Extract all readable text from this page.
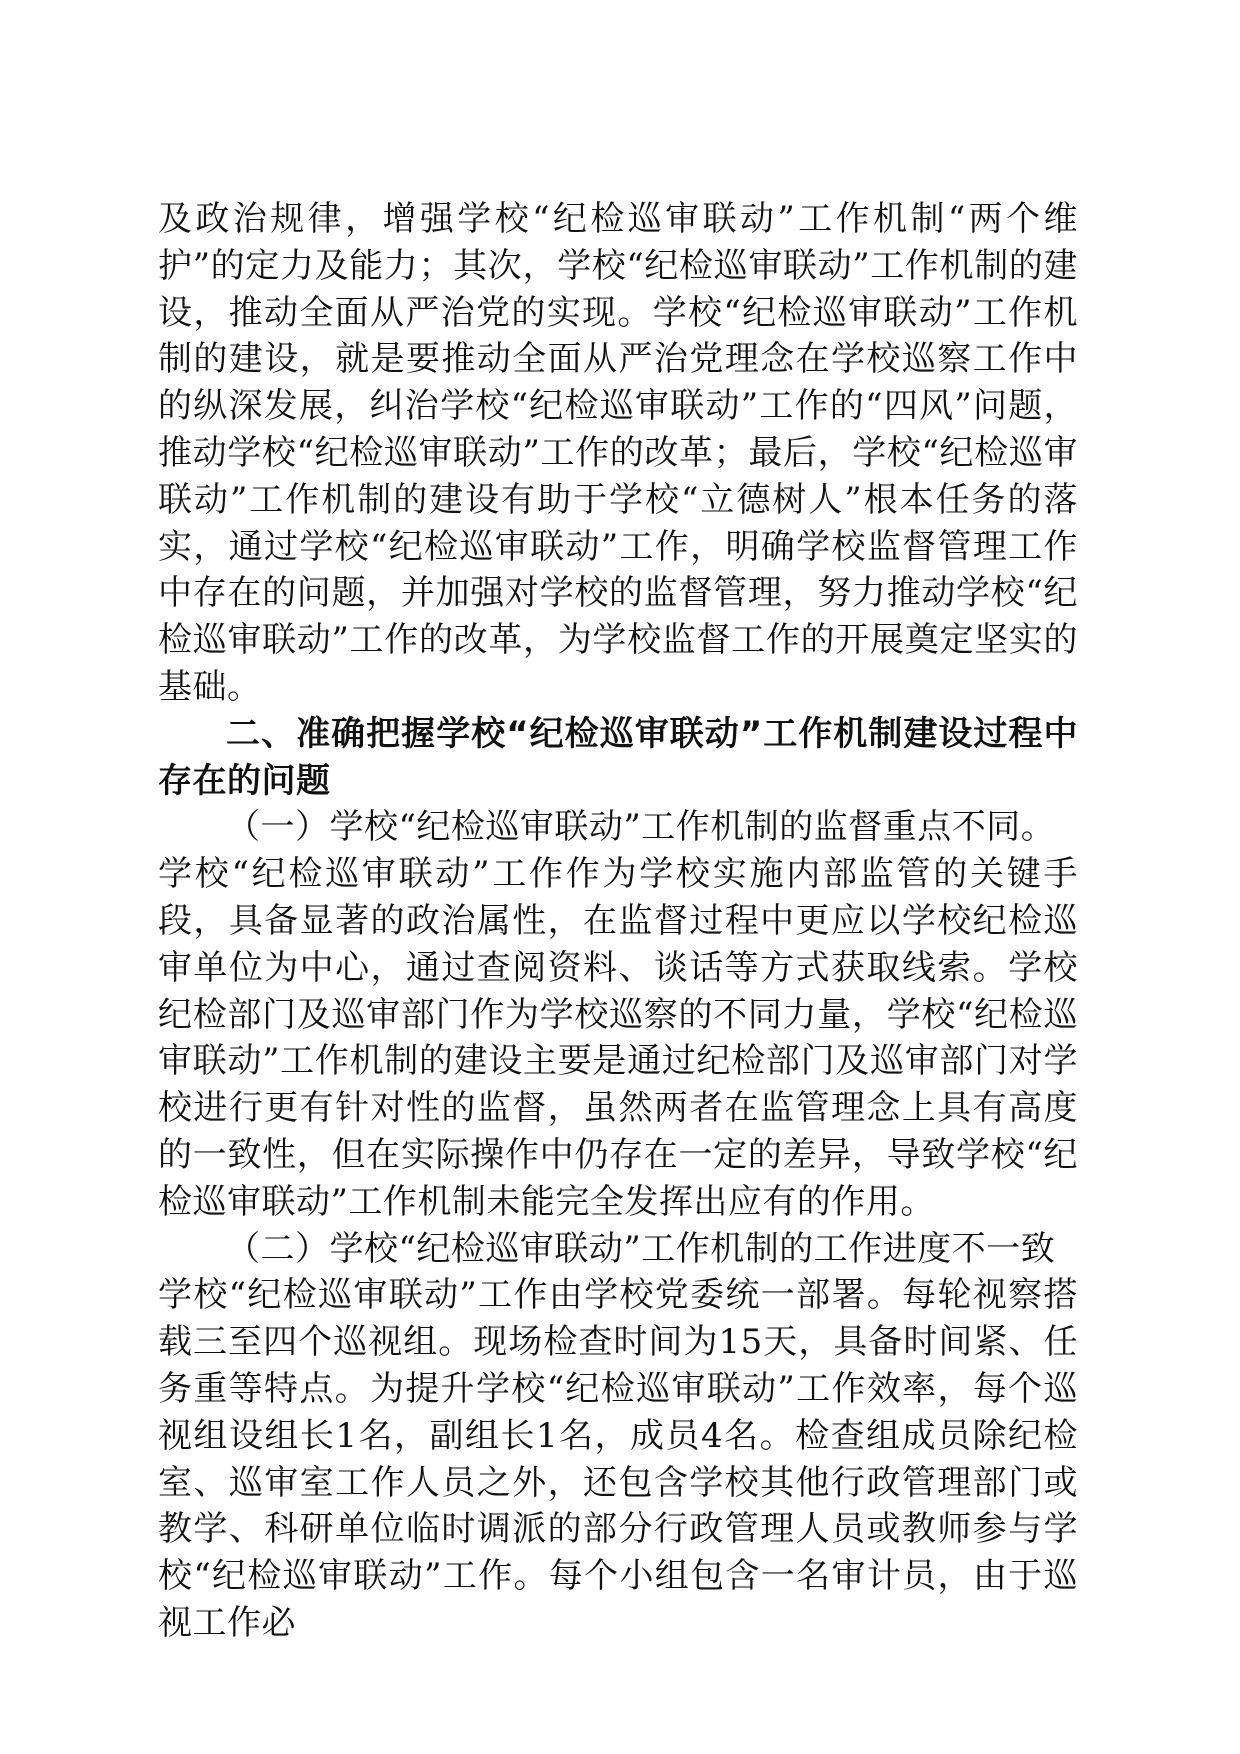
及政治规律，增强学校“纪检巡审联动”工作机制“两个维护”的定力及能力；其次，学校“纪检巡审联动”工作机制的建设，推动全面从严治党的实现。学校“纪检巡审联动”工作机制的建设，就是要推动全面从严治党理念在学校巡察工作中的纵深发展，纠治学校“纪检巡审联动”工作的“四风”问题，推动学校“纪检巡审联动”工作的改革；最后，学校“纪检巡审联动”工作机制的建设有助于学校“立德树人”根本任务的落实，通过学校“纪检巡审联动”工作，明确学校监督管理工作中存在的问题，并加强对学校的监督管理，努力推动学校“纪检巡审联动”工作的改革，为学校监督工作的开展奠定坚实的基础。

二、准确把握学校“纪检巡审联动”工作机制建设过程中存在的问题

（一）学校“纪检巡审联动”工作机制的监督重点不同。

学校“纪检巡审联动”工作作为学校实施内部监管的关键手段，具备显著的政治属性，在监督过程中更应以学校纪检巡审单位为中心，通过查阅资料、谈话等方式获取线索。学校纪检部门及巡审部门作为学校巡察的不同力量，学校“纪检巡审联动”工作机制的建设主要是通过纪检部门及巡审部门对学校进行更有针对性的监督，虽然两者在监管理念上具有高度的一致性，但在实际操作中仍存在一定的差异，导致学校“纪检巡审联动”工作机制未能完全发挥出应有的作用。

（二）学校“纪检巡审联动”工作机制的工作进度不一致

学校“纪检巡审联动”工作由学校党委统一部署。每轮视察搭载三至四个巡视组。现场检查时间为15天，具备时间紧、任务重等特点。为提升学校“纪检巡审联动”工作效率，每个巡视组设组长1名，副组长1名，成员4名。检查组成员除纪检室、巡审室工作人员之外，还包含学校其他行政管理部门或教学、科研单位临时调派的部分行政管理人员或教师参与学校“纪检巡审联动”工作。每个小组包含一名审计员，由于巡视工作必
